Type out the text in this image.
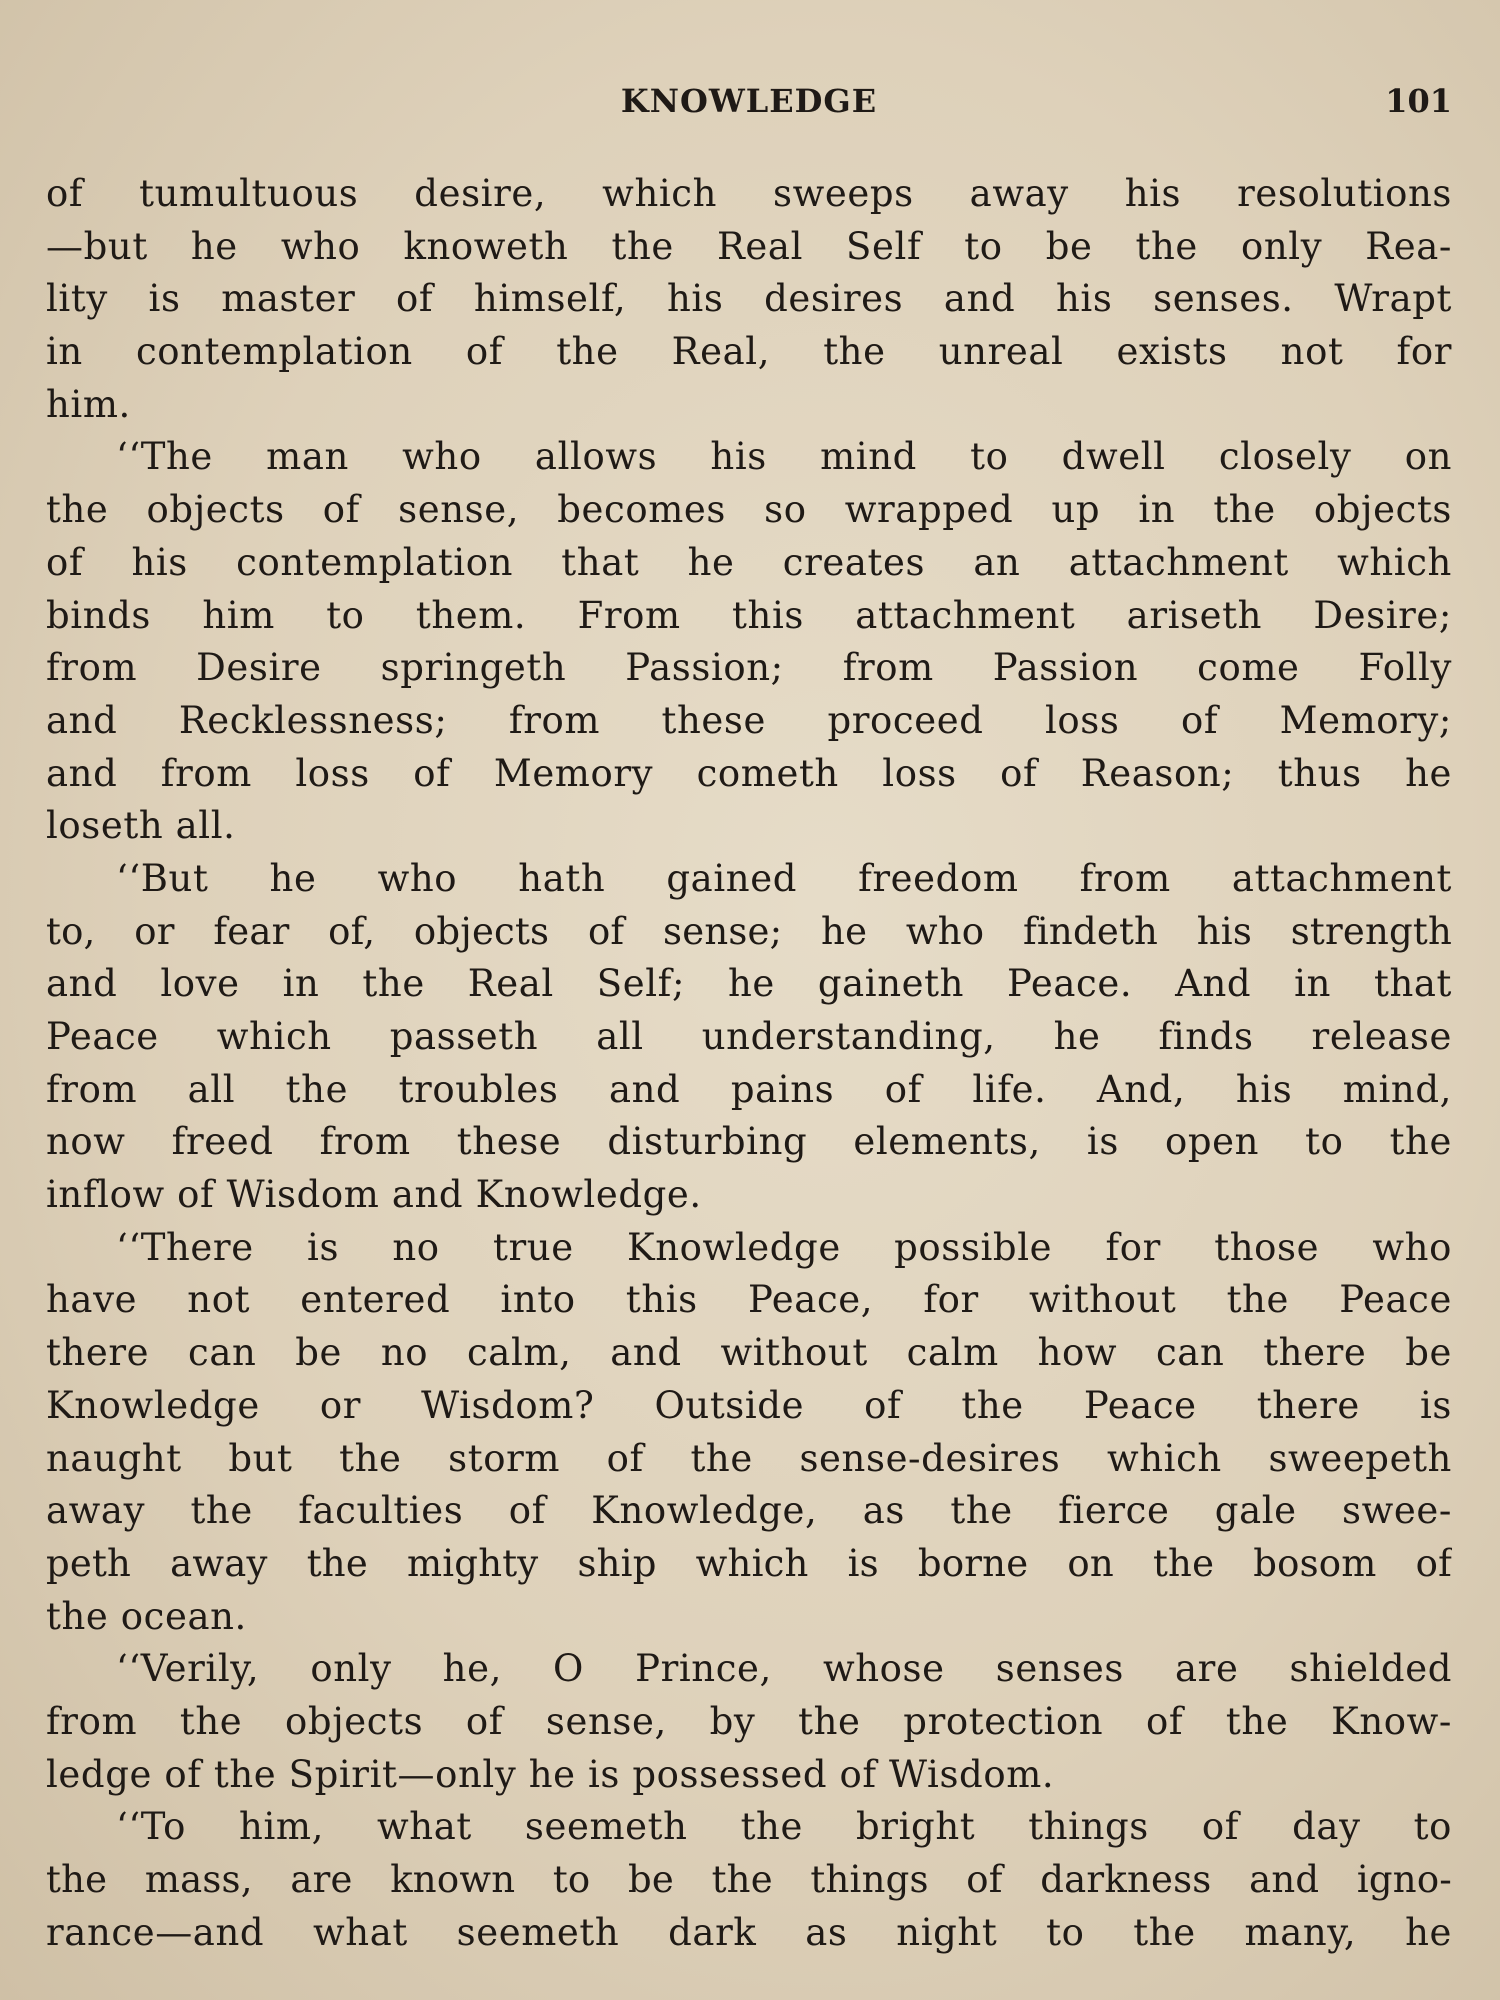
KNOWLEDGE	101
of tumultuous desire, which sweeps away his resolutions
—but he who knoweth the Real Self to be the only Rea-
lity is master of himself, his desires and his senses. Wrapt
in contemplation of the Real, the unreal exists not for
him.
‘‘The man who allows his mind to dwell closely on
the objects of sense, becomes so wrapped up in the objects
of his contemplation that he creates an attachment which
binds him to them. From this attachment ariseth Desire;
from Desire springeth Passion; from Passion come Folly
and Recklessness; from these proceed loss of Memory;
and from loss of Memory cometh loss of Reason; thus he
loseth all.
‘‘But he who hath gained freedom from attachment
to, or fear of, objects of sense; he who findeth his strength
and love in the Real Self; he gaineth Peace. And in that
Peace which passeth all understanding, he finds release
from all the troubles and pains of life. And, his mind,
now freed from these disturbing elements, is open to the
inflow of Wisdom and Knowledge.
‘‘There is no true Knowledge possible for those who
have not entered into this Peace, for without the Peace
there can be no calm, and without calm how can there be
Knowledge or Wisdom? Outside of the Peace there is
naught but the storm of the sense-desires which sweepeth
away the faculties of Knowledge, as the fierce gale swee-
peth away the mighty ship which is borne on the bosom of
the ocean.
‘‘Verily, only he, O Prince, whose senses are shielded
from the objects of sense, by the protection of the Know-
ledge of the Spirit—only he is possessed of Wisdom.
‘‘To him, what seemeth the bright things of day to
the mass, are known to be the things of darkness and igno-
rance—and what seemeth dark as night to the many, he
